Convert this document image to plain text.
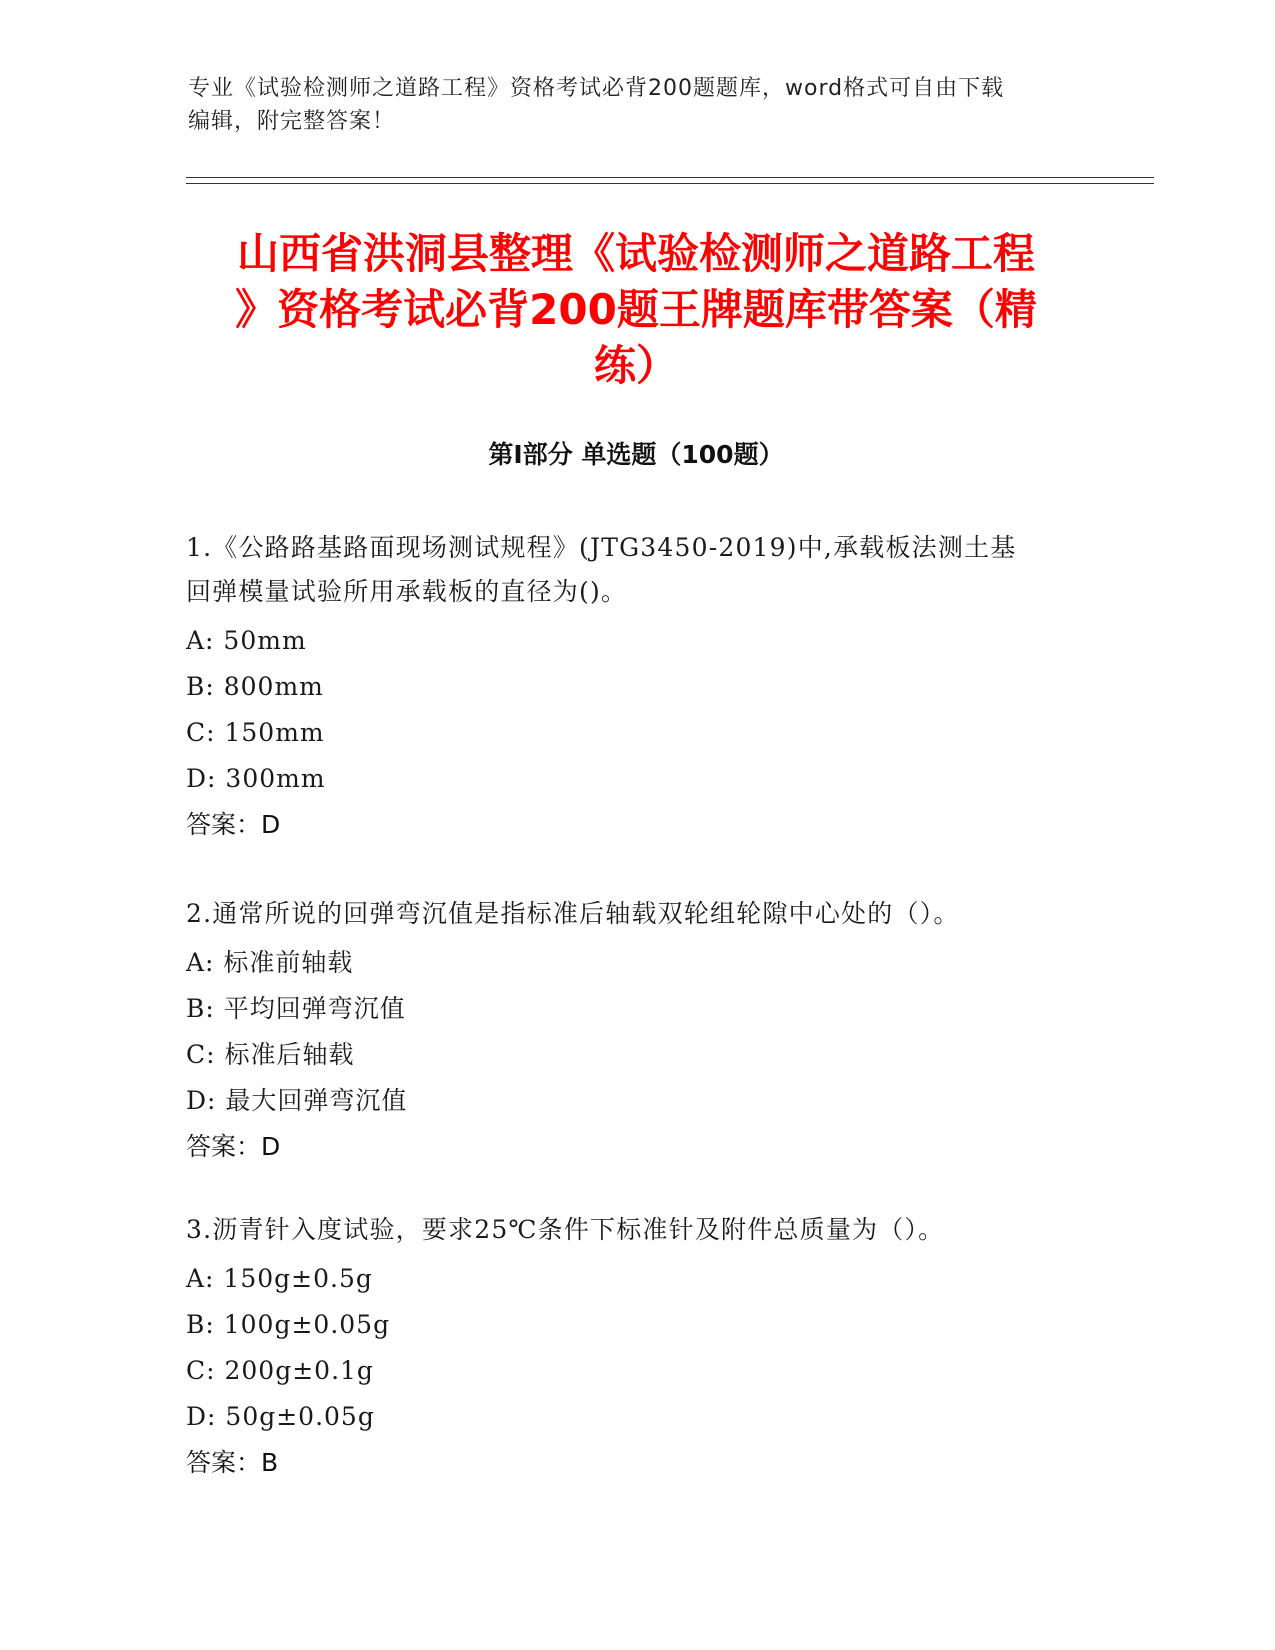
专业《试验检测师之道路工程》资格考试必背200题题库，word格式可自由下载
编辑，附完整答案！
山西省洪洞县整理《试验检测师之道路工程
》资格考试必背200题王牌题库带答案（精
练）
第I部分 单选题（100题）
1.《公路路基路面现场测试规程》(JTG3450-2019)中,承载板法测土基
回弹模量试验所用承载板的直径为()。
A: 50mm
B: 800mm
C: 150mm
D: 300mm
答案：D
2.通常所说的回弹弯沉值是指标准后轴载双轮组轮隙中心处的（）。
A: 标准前轴载
B: 平均回弹弯沉值
C: 标准后轴载
D: 最大回弹弯沉值
答案：D
3.沥青针入度试验，要求25℃条件下标准针及附件总质量为（）。
A: 150g±0.5g
B: 100g±0.05g
C: 200g±0.1g
D: 50g±0.05g
答案：B
